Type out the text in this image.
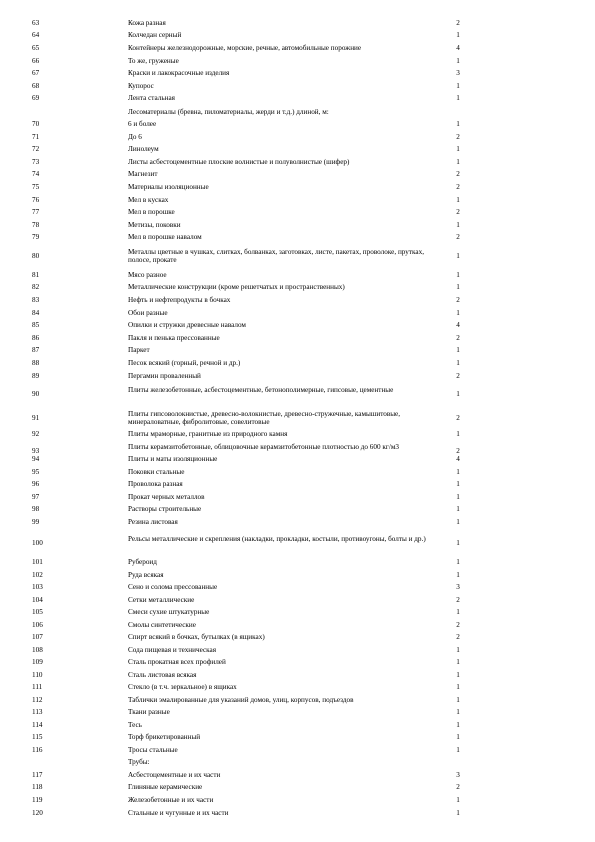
63	Кожа разная	2
64	Колчедан серный	1
65	Контейнеры железнодорожные, морские, речные, автомобильные порожние	4
66	То же, груженые	1
67	Краски и лакокрасочные изделия	3
68	Купорос	1
69	Лента стальная	1
Лесоматериалы (бревна, пиломатериалы, жерди и т.д.) длиной, м:
70	6 и более	1
71	До 6	2
72	Линолеум	1
73	Листы асбестоцементные плоские волнистые и полуволнистые (шифер)	1
74	Магнезит	2
75	Материалы изоляционные	2
76	Мел в кусках	1
77	Мел в порошке	2
78	Метизы, поковки	1
79	Мел в порошке навалом	2
80	Металлы цветные в чушках, слитках, болванках, заготовках, листе, пакетах, проволоке, прутках, полосе, прокате	1
81	Мясо разное	1
82	Металлические конструкции (кроме решетчатых и пространственных)	1
83	Нефть и нефтепродукты в бочках	2
84	Обои разные	1
85	Опилки и стружки древесные навалом	4
86	Пакля и пенька прессованные	2
87	Паркет	1
88	Песок всякий (горный, речной и др.)	1
89	Пергамин проваленный	2
90	Плиты железобетонные, асбестоцементные, бетонополимерные, гипсовые, цементные	1
91	Плиты гипсоволокнистые, древесно-волокнистые, древесно-стружечные, камышитовые, минераловатные, фибролитовые, совелитовые	2
92	Плиты мраморные, гранитные из природного камня	1
93	Плиты керамзитобетонные, облицовочные керамзитобетонные плотностью до 600 кг/м3	2
94	Плиты и маты изоляционные	4
95	Поковки стальные	1
96	Проволока разная	1
97	Прокат черных металлов	1
98	Растворы строительные	1
99	Резина листовая	1
100	Рельсы металлические и скрепления (накладки, прокладки, костыли, противоугоны, болты и др.)	1
101	Рубероид	1
102	Руда всякая	1
103	Сено и солома прессованные	3
104	Сетки металлические	2
105	Смеси сухие штукатурные	1
106	Смолы синтетические	2
107	Спирт всякий в бочках, бутылках (в ящиках)	2
108	Сода пищевая и техническая	1
109	Сталь прокатная всех профилей	1
110	Сталь листовая всякая	1
111	Стекло (в т.ч. зеркальное) в ящиках	1
112	Таблички эмалированные для указаний домов, улиц, корпусов, подъездов	1
113	Ткани разные	1
114	Тесь	1
115	Торф брикетированный	1
116	Тросы стальные	1
Трубы:
117	Асбестоцементные и их части	3
118	Глиняные керамические	2
119	Железобетонные и их части	1
120	Стальные и чугунные и их части	1
